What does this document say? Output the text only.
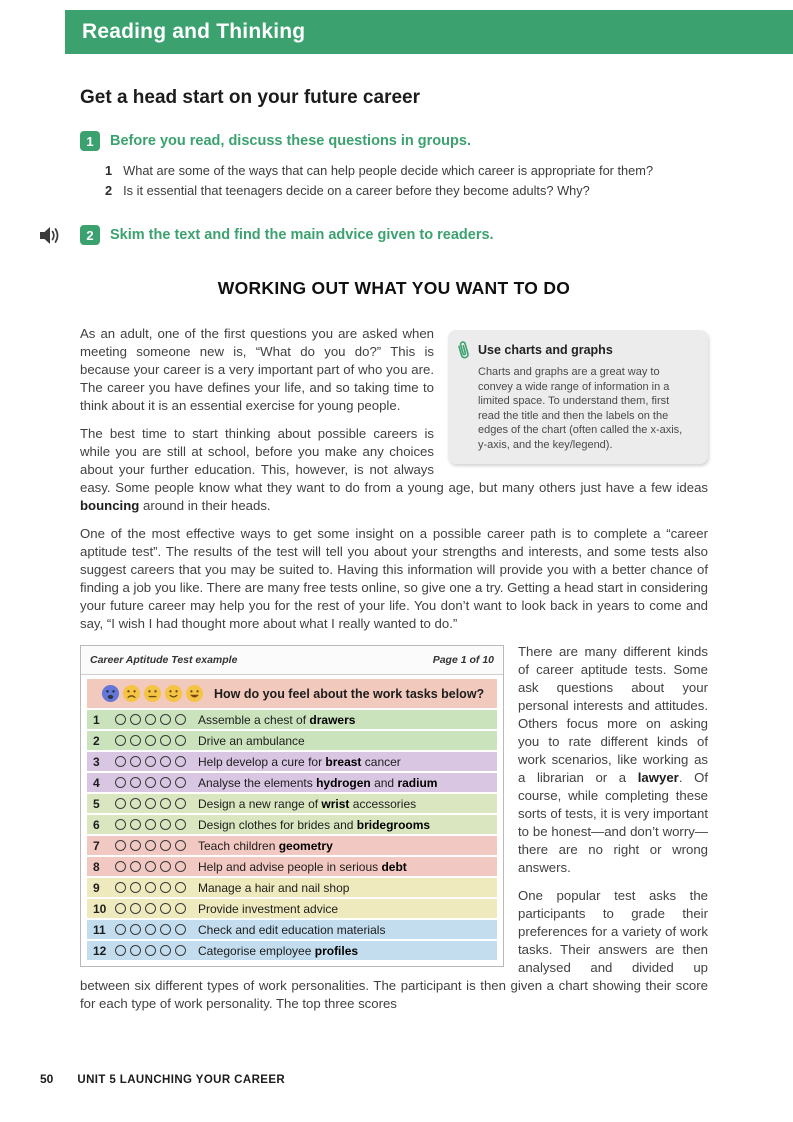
Reading and Thinking
Get a head start on your future career
1	Before you read, discuss these questions in groups.
1 What are some of the ways that can help people decide which career is appropriate for them?
2 Is it essential that teenagers decide on a career before they become adults? Why?
2	Skim the text and find the main advice given to readers.
WORKING OUT WHAT YOU WANT TO DO
Use charts and graphs
Charts and graphs are a great way to convey a wide range of information in a limited space. To understand them, first read the title and then the labels on the edges of the chart (often called the x-axis, y-axis, and the key/legend).

As an adult, one of the first questions you are asked when meeting someone new is, “What do you do?” This is because your career is a very important part of who you are. The career you have defines your life, and so taking time to think about it is an essential exercise for young people.

The best time to start thinking about possible careers is while you are still at school, before you make any choices about your further education. This, however, is not always easy. Some people know what they want to do from a young age, but many others just have a few ideas bouncing around in their heads.

One of the most effective ways to get some insight on a possible career path is to complete a “career aptitude test”. The results of the test will tell you about your strengths and interests, and some tests also suggest careers that you may be suited to. Having this information will provide you with a better chance of finding a job you like. There are many free tests online, so give one a try. Getting a head start in considering your future career may help you for the rest of your life. You don’t want to look back in years to come and say, “I wish I had thought more about what I really wanted to do.”

Career Aptitude Test example	Page 1 of 10
How do you feel about the work tasks below?
1	Assemble a chest of drawers
2	Drive an ambulance
3	Help develop a cure for breast cancer
4	Analyse the elements hydrogen and radium
5	Design a new range of wrist accessories
6	Design clothes for brides and bridegrooms
7	Teach children geometry
8	Help and advise people in serious debt
9	Manage a hair and nail shop
10	Provide investment advice
11	Check and edit education materials
12	Categorise employee profiles

There are many different kinds of career aptitude tests. Some ask questions about your personal interests and attitudes. Others focus more on asking you to rate different kinds of work scenarios, like working as a librarian or a lawyer. Of course, while completing these sorts of tests, it is very important to be honest—and don’t worry—there are no right or wrong answers.

One popular test asks the participants to grade their preferences for a variety of work tasks. Their answers are then analysed and divided up between six different types of work personalities. The participant is then given a chart showing their score for each type of work personality. The top three scores

50 UNIT 5 LAUNCHING YOUR CAREER
